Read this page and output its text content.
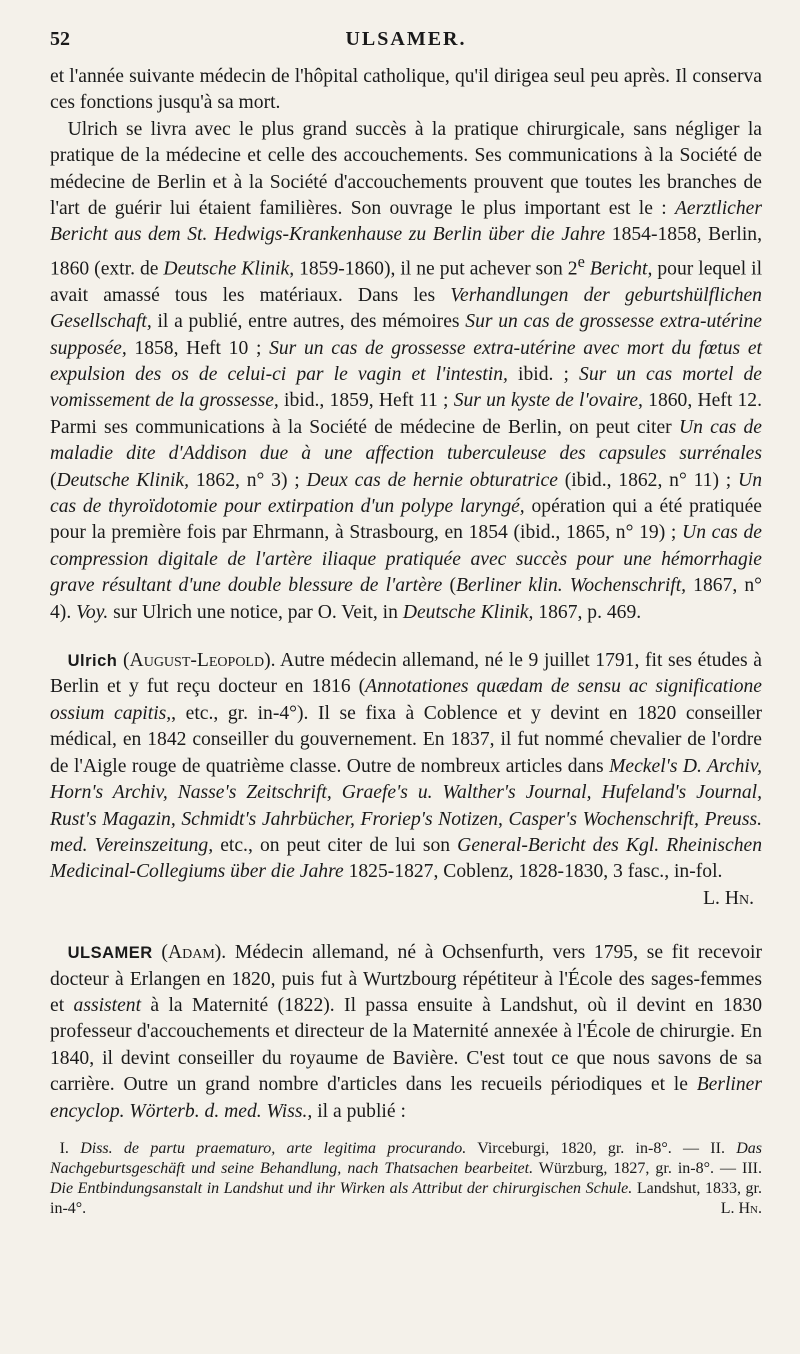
52	ULSAMER.

et l'année suivante médecin de l'hôpital catholique, qu'il dirigea seul peu après. Il conserva ces fonctions jusqu'à sa mort.

Ulrich se livra avec le plus grand succès à la pratique chirurgicale, sans négliger la pratique de la médecine et celle des accouchements. Ses communications à la Société de médecine de Berlin et à la Société d'accouchements prouvent que toutes les branches de l'art de guérir lui étaient familières. Son ouvrage le plus important est le : Aerztlicher Bericht aus dem St. Hedwigs-Krankenhause zu Berlin über die Jahre 1854-1858, Berlin, 1860 (extr. de Deutsche Klinik, 1859-1860), il ne put achever son 2e Bericht, pour lequel il avait amassé tous les matériaux. Dans les Verhandlungen der geburtshülflichen Gesellschaft, il a publié, entre autres, des mémoires Sur un cas de grossesse extra-utérine supposée, 1858, Heft 10 ; Sur un cas de grossesse extra-utérine avec mort du fœtus et expulsion des os de celui-ci par le vagin et l'intestin, ibid. ; Sur un cas mortel de vomissement de la grossesse, ibid., 1859, Heft 11 ; Sur un kyste de l'ovaire, 1860, Heft 12. Parmi ses communications à la Société de médecine de Berlin, on peut citer Un cas de maladie dite d'Addison due à une affection tuberculeuse des capsules surrénales (Deutsche Klinik, 1862, n° 3) ; Deux cas de hernie obturatrice (ibid., 1862, n° 11) ; Un cas de thyroïdotomie pour extirpation d'un polype laryngé, opération qui a été pratiquée pour la première fois par Ehrmann, à Strasbourg, en 1854 (ibid., 1865, n° 19) ; Un cas de compression digitale de l'artère iliaque pratiquée avec succès pour une hémorrhagie grave résultant d'une double blessure de l'artère (Berliner klin. Wochenschrift, 1867, n° 4). Voy. sur Ulrich une notice, par O. Veit, in Deutsche Klinik, 1867, p. 469.

Ulrich (August-Leopold). Autre médecin allemand, né le 9 juillet 1791, fit ses études à Berlin et y fut reçu docteur en 1816 (Annotationes quædam de sensu ac significatione ossium capitis,, etc., gr. in-4°). Il se fixa à Coblence et y devint en 1820 conseiller médical, en 1842 conseiller du gouvernement. En 1837, il fut nommé chevalier de l'ordre de l'Aigle rouge de quatrième classe. Outre de nombreux articles dans Meckel's D. Archiv, Horn's Archiv, Nasse's Zeitschrift, Graefe's u. Walther's Journal, Hufeland's Journal, Rust's Magazin, Schmidt's Jahrbücher, Froriep's Notizen, Casper's Wochenschrift, Preuss. med. Vereinszeitung, etc., on peut citer de lui son General-Bericht des Kgl. Rheinischen Medicinal-Collegiums über die Jahre 1825-1827, Coblenz, 1828-1830, 3 fasc., in-fol.

L. Hn.

ULSAMER (Adam). Médecin allemand, né à Ochsenfurth, vers 1795, se fit recevoir docteur à Erlangen en 1820, puis fut à Wurtzbourg répétiteur à l'École des sages-femmes et assistent à la Maternité (1822). Il passa ensuite à Landshut, où il devint en 1830 professeur d'accouchements et directeur de la Maternité annexée à l'École de chirurgie. En 1840, il devint conseiller du royaume de Bavière. C'est tout ce que nous savons de sa carrière. Outre un grand nombre d'articles dans les recueils périodiques et le Berliner encyclop. Wörterb. d. med. Wiss., il a publié :

I. Diss. de partu praematuro, arte legitima procurando. Virceburgi, 1820, gr. in-8°. — II. Das Nachgeburtsgeschäft und seine Behandlung, nach Thatsachen bearbeitet. Würzburg, 1827, gr. in-8°. — III. Die Entbindungsanstalt in Landshut und ihr Wirken als Attribut der chirurgischen Schule. Landshut, 1833, gr. in-4°.	L. Hn.
